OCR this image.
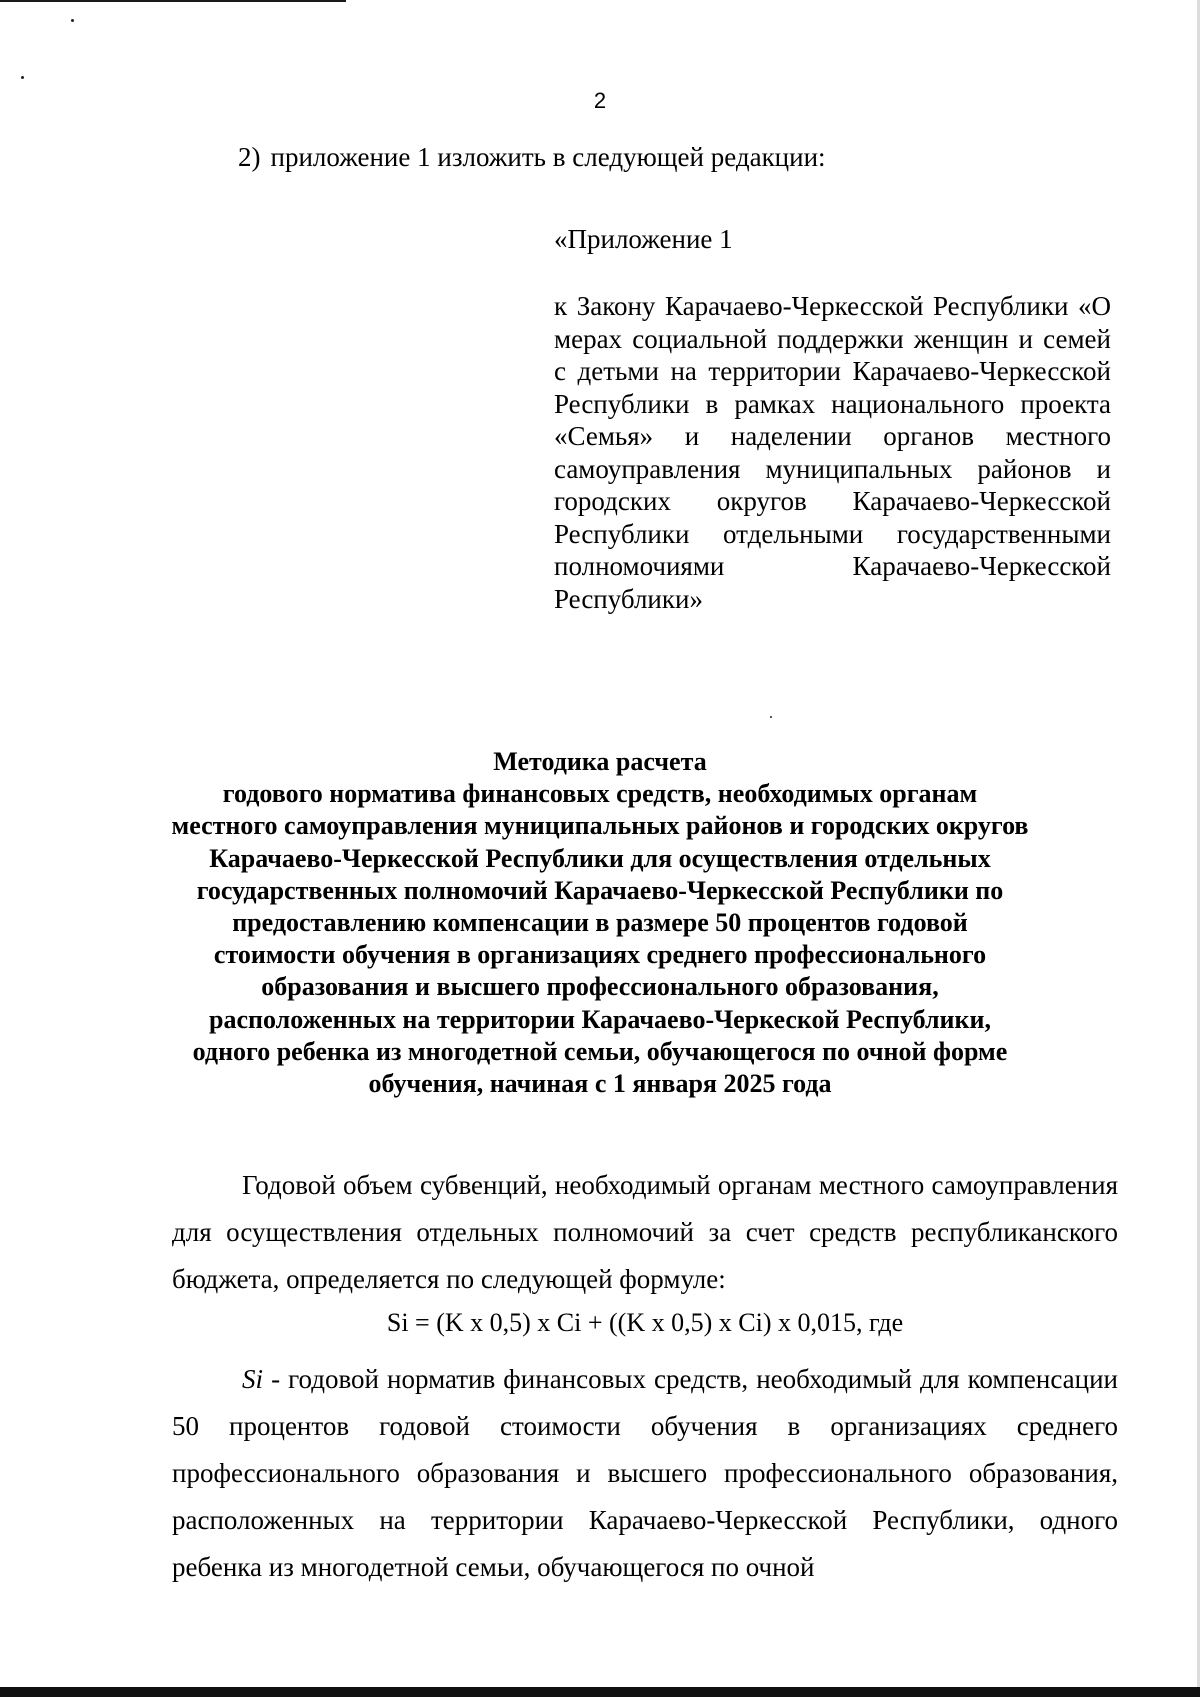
2
2) приложение 1 изложить в следующей редакции:
«Приложение 1

к Закону Карачаево-Черкесской Республики «О мерах социальной поддержки женщин и семей с детьми на территории Карачаево-Черкесской Республики в рамках национального проекта «Семья» и наделении органов местного самоуправления муниципальных районов и городских округов Карачаево-Черкесской Республики отдельными государственными полномочиями Карачаево-Черкесской Республики»

Методика расчета
годового норматива финансовых средств, необходимых органам
местного самоуправления муниципальных районов и городских округов
Карачаево-Черкесской Республики для осуществления отдельных
государственных полномочий Карачаево-Черкесской Республики по
предоставлению компенсации в размере 50 процентов годовой
стоимости обучения в организациях среднего профессионального
образования и высшего профессионального образования,
расположенных на территории Карачаево-Черкеской Республики,
одного ребенка из многодетной семьи, обучающегося по очной форме
обучения, начиная с 1 января 2025 года

Годовой объем субвенций, необходимый органам местного самоуправления для осуществления отдельных полномочий за счет средств республиканского бюджета, определяется по следующей формуле:

Si = (K x 0,5) x Ci + ((K x 0,5) x Ci) x 0,015, где

Si - годовой норматив финансовых средств, необходимый для компенсации 50 процентов годовой стоимости обучения в организациях среднего профессионального образования и высшего профессионального образования, расположенных на территории Карачаево-Черкесской Республики, одного ребенка из многодетной семьи, обучающегося по очной
